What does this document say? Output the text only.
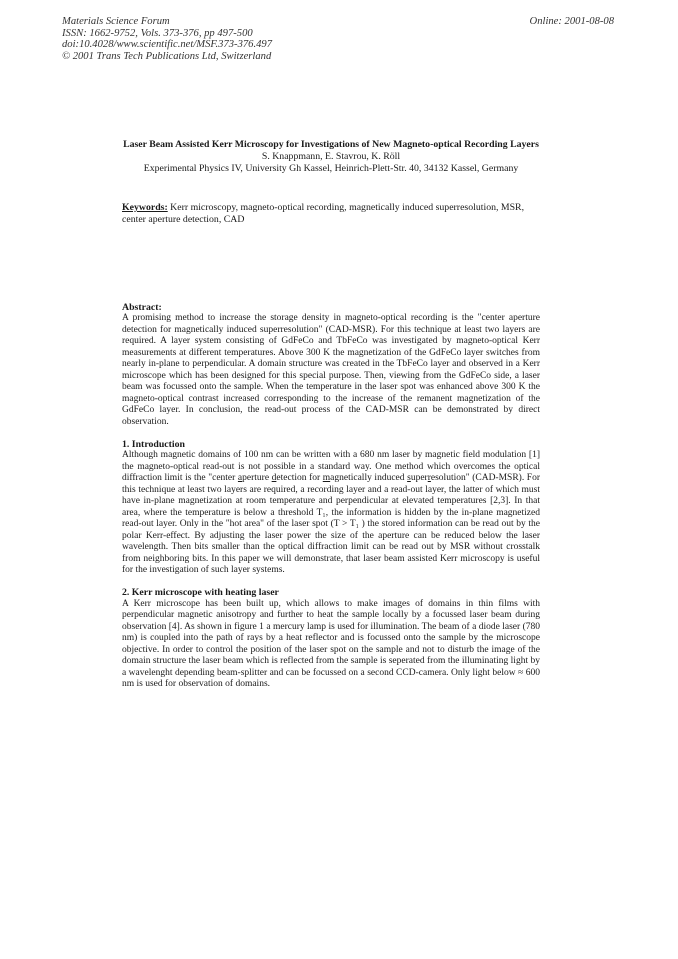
Materials Science Forum
ISSN: 1662-9752, Vols. 373-376, pp 497-500
doi:10.4028/www.scientific.net/MSF.373-376.497
© 2001 Trans Tech Publications Ltd, Switzerland
Online: 2001-08-08
Laser Beam Assisted Kerr Microscopy for Investigations of New Magneto-optical Recording Layers
S. Knappmann, E. Stavrou, K. Röll
Experimental Physics IV, University Gh Kassel, Heinrich-Plett-Str. 40, 34132 Kassel, Germany
Keywords: Kerr microscopy, magneto-optical recording, magnetically induced superresolution, MSR, center aperture detection, CAD
Abstract:

A promising method to increase the storage density in magneto-optical recording is the "center aperture detection for magnetically induced superresolution" (CAD-MSR). For this technique at least two layers are required. A layer system consisting of GdFeCo and TbFeCo was investigated by magneto-optical Kerr measurements at different temperatures. Above 300 K the magnetization of the GdFeCo layer switches from nearly in-plane to perpendicular. A domain structure was created in the TbFeCo layer and observed in a Kerr microscope which has been designed for this special purpose. Then, viewing from the GdFeCo side, a laser beam was focussed onto the sample. When the temperature in the laser spot was enhanced above 300 K the magneto-optical contrast increased corresponding to the increase of the remanent magnetization of the GdFeCo layer. In conclusion, the read-out process of the CAD-MSR can be demonstrated by direct observation.

1. Introduction

Although magnetic domains of 100 nm can be written with a 680 nm laser by magnetic field modulation [1] the magneto-optical read-out is not possible in a standard way. One method which overcomes the optical diffraction limit is the "center aperture detection for magnetically induced superresolution" (CAD-MSR). For this technique at least two layers are required, a recording layer and a read-out layer, the latter of which must have in-plane magnetization at room temperature and perpendicular at elevated temperatures [2,3]. In that area, where the temperature is below a threshold T₁, the information is hidden by the in-plane magnetized read-out layer. Only in the "hot area" of the laser spot (T > T₁ ) the stored information can be read out by the polar Kerr-effect. By adjusting the laser power the size of the aperture can be reduced below the laser wavelength. Then bits smaller than the optical diffraction limit can be read out by MSR without crosstalk from neighboring bits. In this paper we will demonstrate, that laser beam assisted Kerr microscopy is useful for the investigation of such layer systems.

2. Kerr microscope with heating laser

A Kerr microscope has been built up, which allows to make images of domains in thin films with perpendicular magnetic anisotropy and further to heat the sample locally by a focussed laser beam during observation [4]. As shown in figure 1 a mercury lamp is used for illumination. The beam of a diode laser (780 nm) is coupled into the path of rays by a heat reflector and is focussed onto the sample by the microscope objective. In order to control the position of the laser spot on the sample and not to disturb the image of the domain structure the laser beam which is reflected from the sample is seperated from the illuminating light by a wavelenght depending beam-splitter and can be focussed on a second CCD-camera. Only light below ≈ 600 nm is used for observation of domains.
